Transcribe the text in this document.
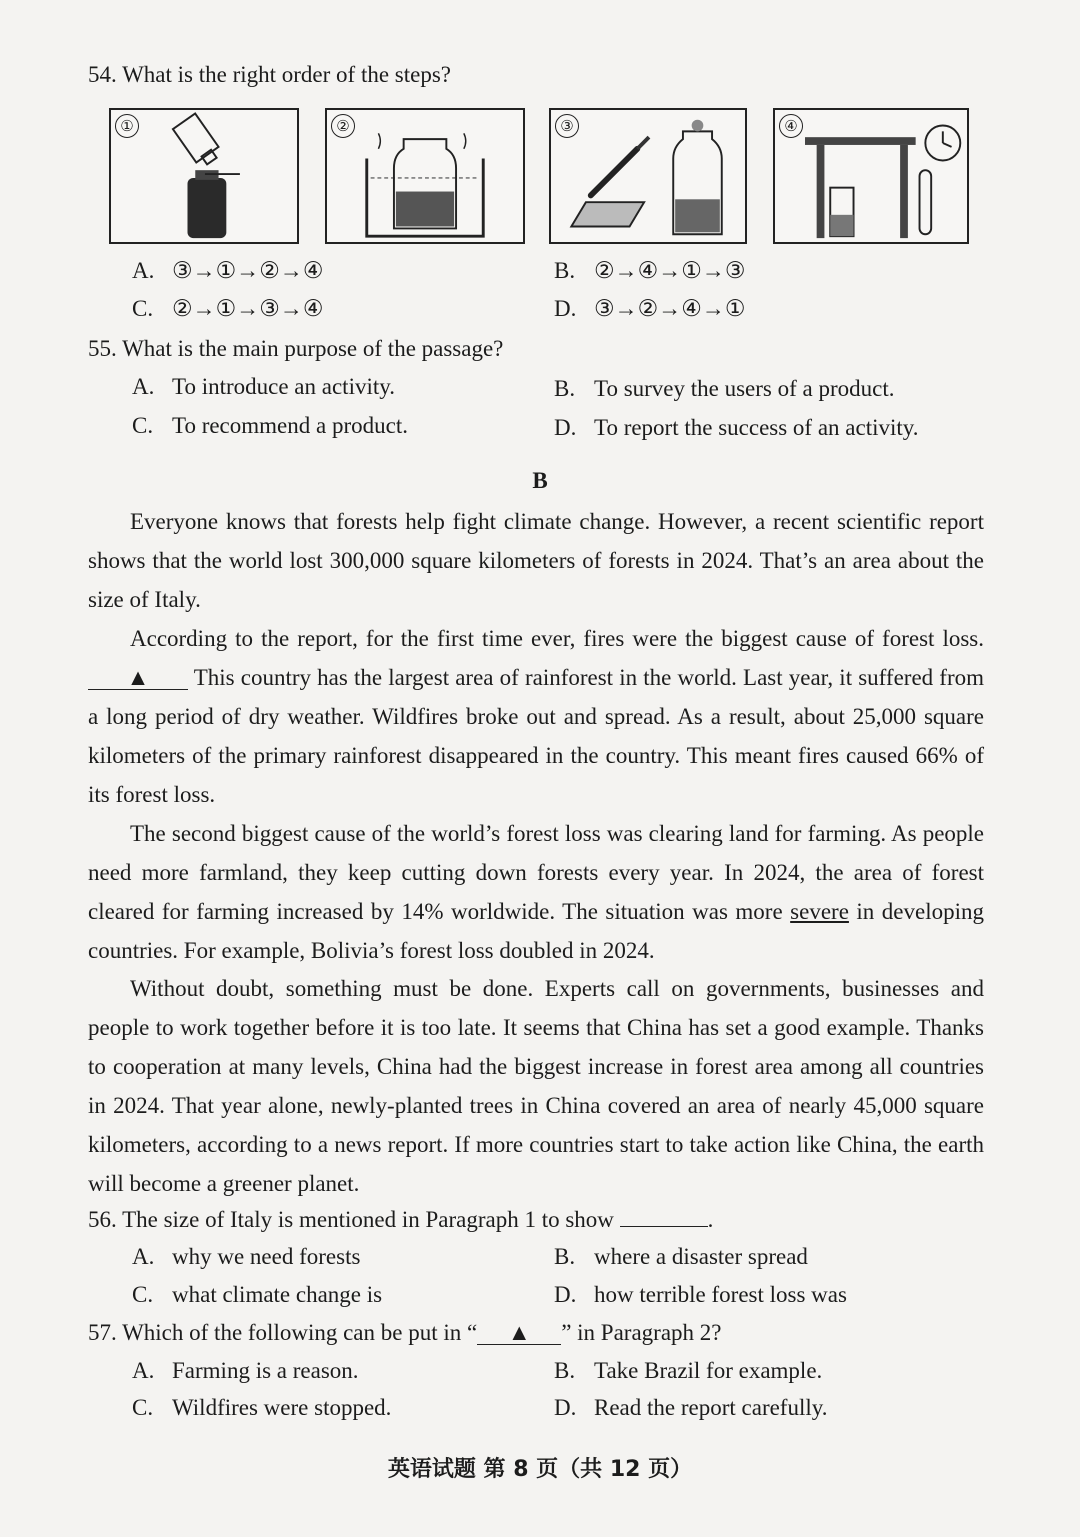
54. What is the right order of the steps?
①	②	③	④
A. ③→①→②→④	B. ②→④→①→③
C. ②→①→③→④	D. ③→②→④→①
55. What is the main purpose of the passage?
A. To introduce an activity.	B. To survey the users of a product.
C. To recommend a product.	D. To report the success of an activity.
B
Everyone knows that forests help fight climate change. However, a recent scientific report shows that the world lost 300,000 square kilometers of forests in 2024. That’s an area about the size of Italy.
According to the report, for the first time ever, fires were the biggest cause of forest loss. ▲ This country has the largest area of rainforest in the world. Last year, it suffered from a long period of dry weather. Wildfires broke out and spread. As a result, about 25,000 square kilometers of the primary rainforest disappeared in the country. This meant fires caused 66% of its forest loss.
The second biggest cause of the world’s forest loss was clearing land for farming. As people need more farmland, they keep cutting down forests every year. In 2024, the area of forest cleared for farming increased by 14% worldwide. The situation was more severe in developing countries. For example, Bolivia’s forest loss doubled in 2024.
Without doubt, something must be done. Experts call on governments, businesses and people to work together before it is too late. It seems that China has set a good example. Thanks to cooperation at many levels, China had the biggest increase in forest area among all countries in 2024. That year alone, newly-planted trees in China covered an area of nearly 45,000 square kilometers, according to a news report. If more countries start to take action like China, the earth will become a greener planet.
56. The size of Italy is mentioned in Paragraph 1 to show	.
A. why we need forests	B. where a disaster spread
C. what climate change is	D. how terrible forest loss was
57. Which of the following can be put in “ ▲ ” in Paragraph 2?
A. Farming is a reason.	B. Take Brazil for example.
C. Wildfires were stopped.	D. Read the report carefully.
英语试题 第 8 页（共 12 页）
